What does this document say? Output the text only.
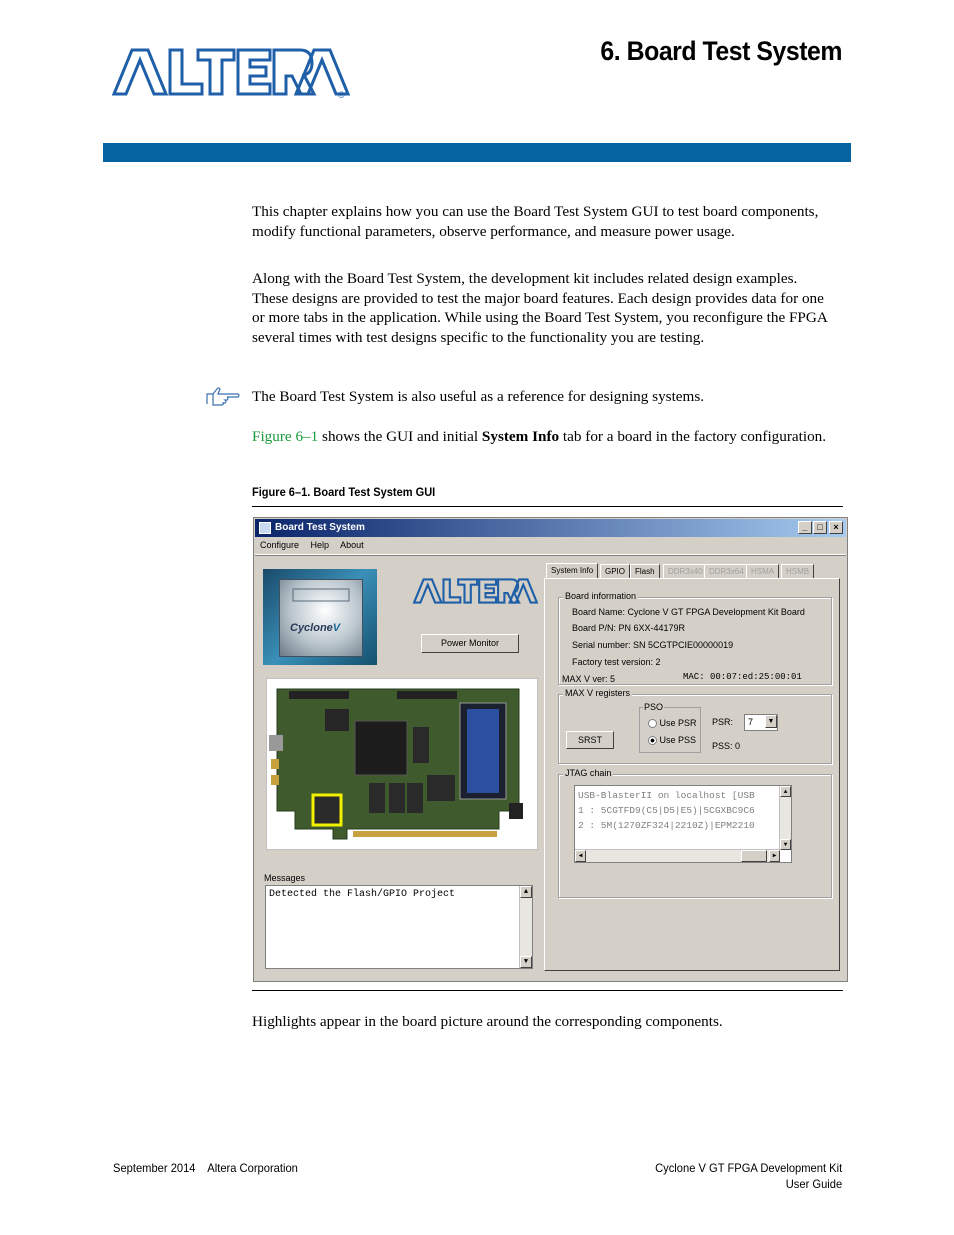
®
6. Board Test System
This chapter explains how you can use the Board Test System GUI to test board components, modify functional parameters, observe performance, and measure power usage.
Along with the Board Test System, the development kit includes related design examples. These designs are provided to test the major board features. Each design provides data for one or more tabs in the application. While using the Board Test System, you reconfigure the FPGA several times with test designs specific to the functionality you are testing.
The Board Test System is also useful as a reference for designing systems.
Figure 6–1 shows the GUI and initial System Info tab for a board in the factory configuration.
Figure 6–1. Board Test System GUI
Board Test System	_	□	×
Configure Help About
CycloneV
Power Monitor
Messages
Detected the Flash/GPIO Project	▲
▼
System Info	GPIO	Flash	DDR3x40 DDR3x64 HSMA	HSMB
Board information
Board Name: Cyclone V GT FPGA Development Kit Board
Board P/N: PN 6XX-44179R
Serial number: SN 5CGTPCIE00000019
Factory test version: 2
MAX V ver: 5	MAC: 00:07:ed:25:00:01
MAX V registers
SRST
PSO
Use PSR
Use PSS
PSR: 7	▼
PSS: 0
JTAG chain
USB-BlasterII on localhost [USB
1 : 5CGTFD9(C5|D5|E5)|5CGXBC9C6
2 : 5M(1270ZF324|2210Z)|EPM2210
▲
▼
◀	▶
Highlights appear in the board picture around the corresponding components.
September 2014    Altera Corporation	Cyclone V GT FPGA Development Kit
User Guide
